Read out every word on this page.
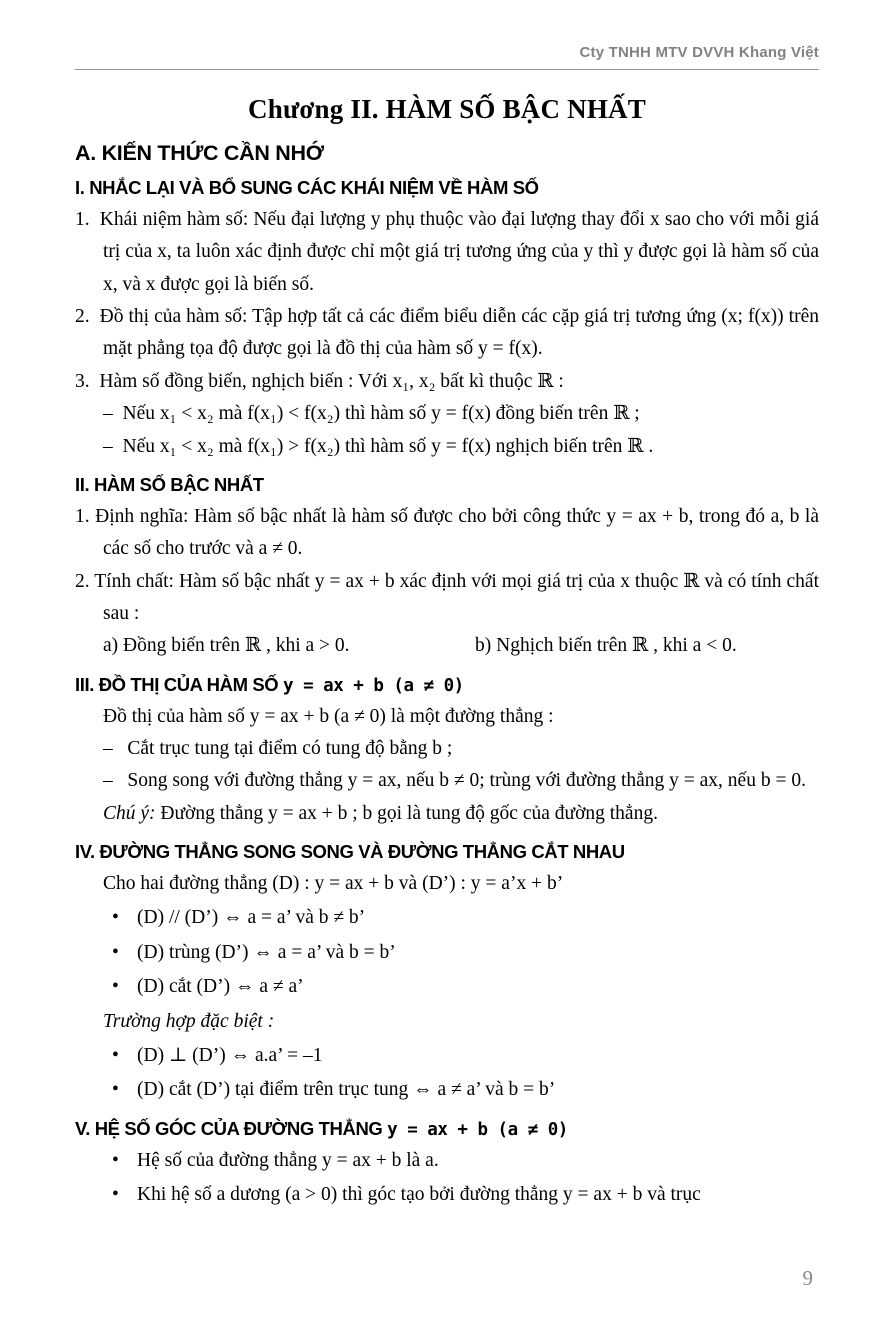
Cty TNHH MTV DVVH Khang Việt
Chương II. HÀM SỐ BẬC NHẤT
A. KIẾN THỨC CẦN NHỚ
I. NHẮC LẠI VÀ BỔ SUNG CÁC KHÁI NIỆM VỀ HÀM SỐ

1.  Khái niệm hàm số: Nếu đại lượng y phụ thuộc vào đại lượng thay đổi x sao cho với mỗi giá trị của x, ta luôn xác định được chỉ một giá trị tương ứng của y thì y được gọi là hàm số của x, và x được gọi là biến số.

2.  Đồ thị của hàm số: Tập hợp tất cả các điểm biểu diễn các cặp giá trị tương ứng (x; f(x)) trên mặt phẳng tọa độ được gọi là đồ thị của hàm số y = f(x).

3.  Hàm số đồng biến, nghịch biến : Với x₁, x₂ bất kì thuộc ℝ :

–  Nếu x₁ < x₂ mà f(x₁) < f(x₂) thì hàm số y = f(x) đồng biến trên ℝ ;

–  Nếu x₁ < x₂ mà f(x₁) > f(x₂) thì hàm số y = f(x) nghịch biến trên ℝ .

II. HÀM SỐ BẬC NHẤT

1. Định nghĩa: Hàm số bậc nhất là hàm số được cho bởi công thức y = ax + b, trong đó a, b là các số cho trước và a ≠ 0.

2. Tính chất: Hàm số bậc nhất y = ax + b xác định với mọi giá trị của x thuộc ℝ và có tính chất sau :

a) Đồng biến trên ℝ , khi a > 0.	b) Nghịch biến trên ℝ , khi a < 0.
III. ĐỒ THỊ CỦA HÀM SỐ y = ax + b (a ≠ 0)

Đồ thị của hàm số y = ax + b (a ≠ 0) là một đường thẳng :

–   Cắt trục tung tại điểm có tung độ bằng b ;

–   Song song với đường thẳng y = ax, nếu b ≠ 0; trùng với đường thẳng y = ax, nếu b = 0.

Chú ý: Đường thẳng y = ax + b ; b gọi là tung độ gốc của đường thẳng.

IV. ĐƯỜNG THẲNG SONG SONG VÀ ĐƯỜNG THẲNG CẮT NHAU

Cho hai đường thẳng (D) : y = ax + b và (D’) : y = a’x + b’

• (D) // (D’) ⇔ a = a’ và b ≠ b’

• (D) trùng (D’) ⇔ a = a’ và b = b’

• (D) cắt (D’) ⇔ a ≠ a’

Trường hợp đặc biệt :

• (D) ⊥ (D’) ⇔ a.a’ = –1

• (D) cắt (D’) tại điểm trên trục tung ⇔ a ≠ a’ và b = b’

V. HỆ SỐ GÓC CỦA ĐƯỜNG THẲNG y = ax + b (a ≠ 0)

• Hệ số của đường thẳng y = ax + b là a.

• Khi hệ số a dương (a > 0) thì góc tạo bởi đường thẳng y = ax + b và trục

9
